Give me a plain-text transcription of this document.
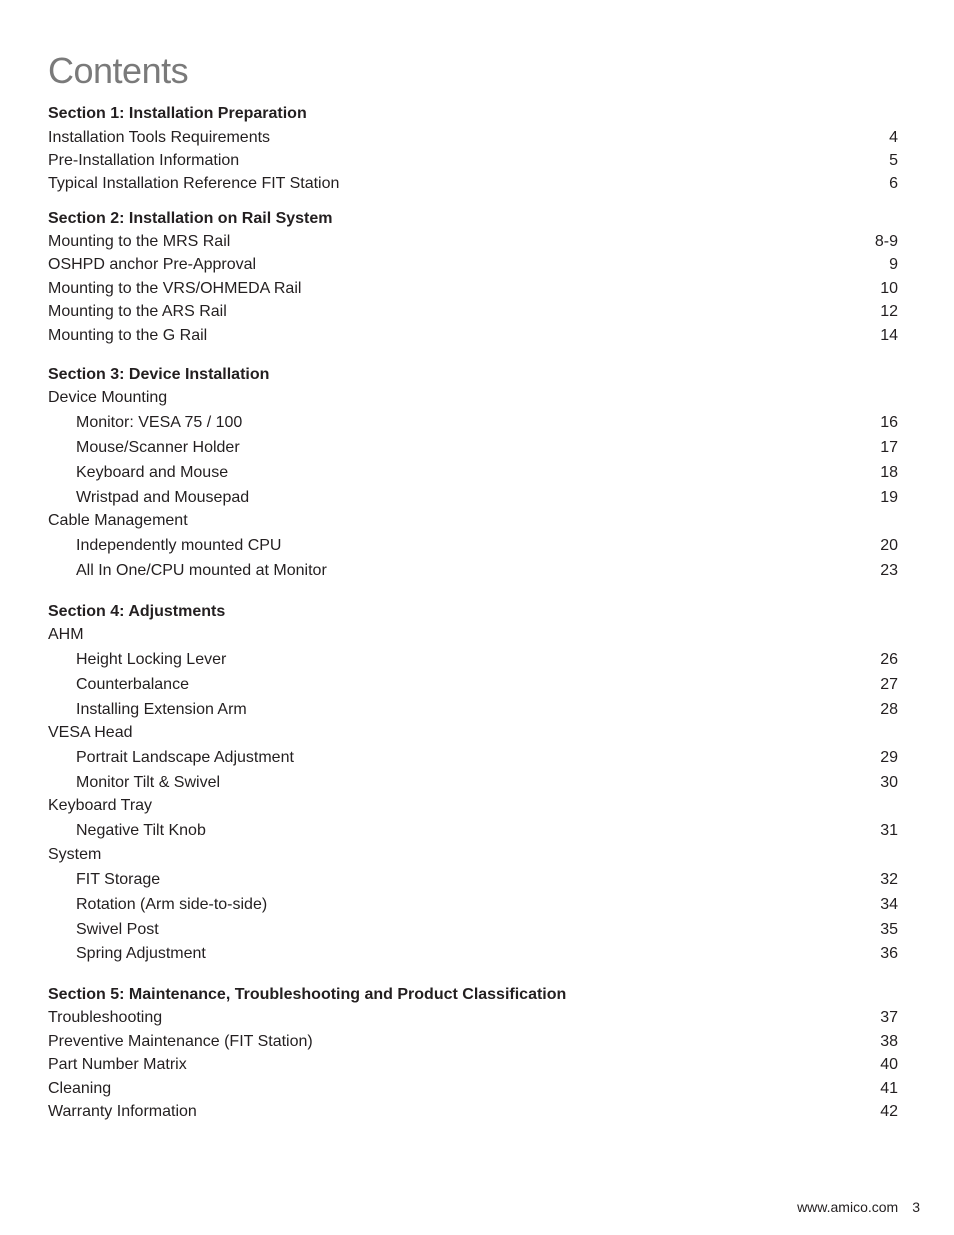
Contents
Section 1: Installation Preparation
Installation Tools Requirements	4
Pre-Installation Information	5
Typical Installation Reference FIT Station	6
Section 2: Installation on Rail System
Mounting to the MRS Rail	8-9
OSHPD anchor Pre-Approval	9
Mounting to the VRS/OHMEDA Rail	10
Mounting to the ARS Rail	12
Mounting to the G Rail	14
Section 3: Device Installation
Device Mounting
Monitor: VESA 75 / 100	16
Mouse/Scanner Holder	17
Keyboard and Mouse	18
Wristpad and Mousepad	19
Cable Management
Independently mounted CPU	20
All In One/CPU mounted at Monitor	23
Section 4: Adjustments
AHM
Height Locking Lever	26
Counterbalance	27
Installing Extension Arm	28
VESA Head
Portrait Landscape Adjustment	29
Monitor Tilt & Swivel	30
Keyboard Tray
Negative Tilt Knob	31
System
FIT Storage	32
Rotation (Arm side-to-side)	34
Swivel Post	35
Spring Adjustment	36
Section 5: Maintenance, Troubleshooting and Product Classification
Troubleshooting	37
Preventive Maintenance (FIT Station)	38
Part Number Matrix	40
Cleaning	41
Warranty Information	42
www.amico.com 3
